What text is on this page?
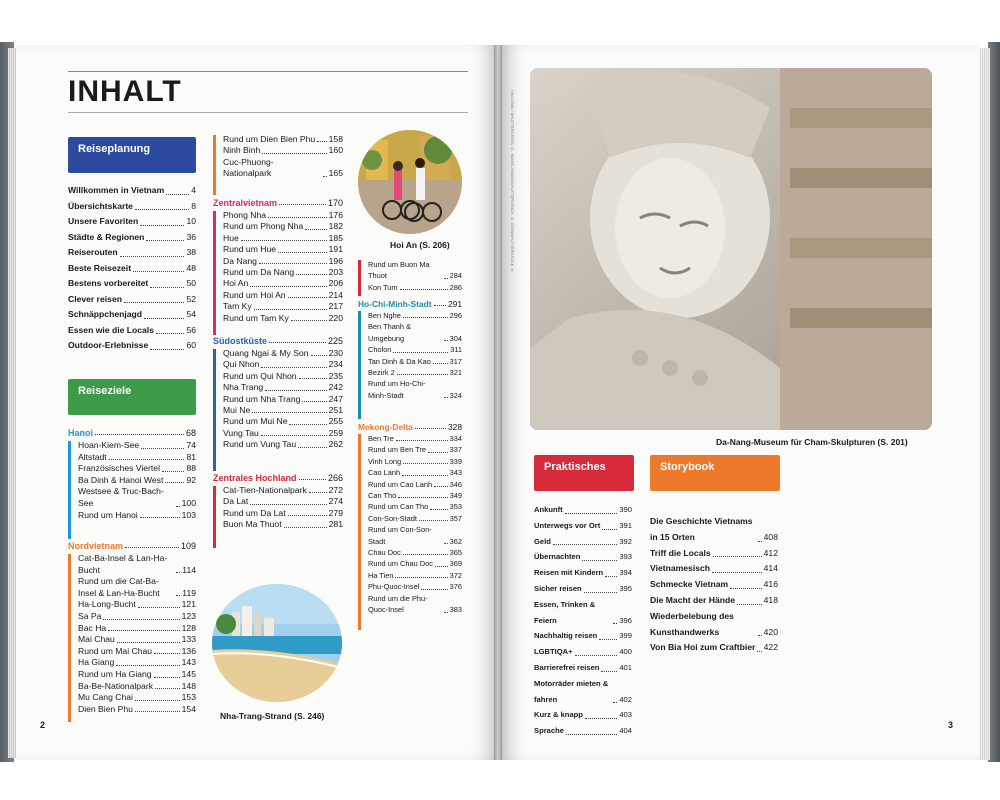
INHALT
Reiseplanung
Willkommen in Vietnam	4
Übersichtskarte	8
Unsere Favoriten	10
Städte & Regionen	36
Reiserouten	38
Beste Reisezeit	48
Bestens vorbereitet	50
Clever reisen	52
Schnäppchenjagd	54
Essen wie die Locals	56
Outdoor-Erlebnisse	60
Reiseziele
Hanoi	68
Hoan-Kiem-See	74
Altstadt	81
Französisches Viertel	88
Ba Dinh & Hanoi West	92
Westsee & Truc-Bach-See	100
Rund um Hanoi	103
Nordvietnam	109
Cat-Ba-Insel & Lan-Ha-Bucht	114
Rund um die Cat-Ba-Insel & Lan-Ha-Bucht	119
Ha-Long-Bucht	121
Sa Pa	123
Bac Ha	128
Mai Chau	133
Rund um Mai Chau	136
Ha Giang	143
Rund um Ha Giang	145
Ba-Be-Nationalpark	148
Mu Cang Chai	153
Dien Bien Phu	154
Rund um Dien Bien Phu 158
Ninh Binh	160
Cuc-Phuong-Nationalpark	165
Zentralvietnam	170
Phong Nha	176
Rund um Phong Nha	182
Hue	185
Rund um Hue	191
Da Nang	196
Rund um Da Nang	203
Hoi An	206
Rund um Hoi An	214
Tam Ky	217
Rund um Tam Ky	220
Südostküste	225
Quang Ngai & My Son 230
Qui Nhon	234
Rund um Qui Nhon	235
Nha Trang	242
Rund um Nha Trang	247
Mui Ne	251
Rund um Mui Ne	255
Vung Tau	259
Rund um Vung Tau	262
Zentrales Hochland	266
Cat-Tien-Nationalpark	272
Da Lat	274
Rund um Da Lat	279
Buon Ma Thuot	281
Hoi An (S. 206)
Rund um Buon Ma Thuot	284
Kon Tum	286
Ho-Chi-Minh-Stadt 291
Ben Nghe	296
Ben Thanh & Umgebung	304
Cholon	311
Tan Dinh & Da Kao	317
Bezirk 2	321
Rund um Ho-Chi-Minh-Stadt	324
Mekong-Delta	328
Ben Tre	334
Rund um Ben Tre	337
Vinh Long	339
Cao Lanh	343
Rund um Cao Lanh 346
Can Tho	349
Rund um Can Tho	353
Con-Son-Stadt	357
Rund um Con-Son-Stadt	362
Chau Doc	365
Rund um Chau Doc 369
Ha Tien	372
Phu-Quoc-Insel	376
Rund um die Phu-Quoc-Insel	383
Nha-Trang-Strand (S. 246)
2
VIN LONG / SHUTTERSTOCK ©, HANOI ZHANG/SHUTTERSTOCK ©, DOM/SHUTTERSTOCK ©
Da-Nang-Museum für Cham-Skulpturen (S. 201)
Praktisches
Ankunft	390
Unterwegs vor Ort	391
Geld	392
Übernachten	393
Reisen mit Kindern 394
Sicher reisen	395
Essen, Trinken & Feiern	396
Nachhaltig reisen	399
LGBTIQA+	400
Barrierefrei reisen	401
Motorräder mieten & fahren	402
Kurz & knapp	403
Sprache	404
Storybook
Die Geschichte Vietnams in 15 Orten	408
Triff die Locals	412
Vietnamesisch	414
Schmecke Vietnam	416
Die Macht der Hände	418
Wiederbelebung des Kunsthandwerks	420
Von Bia Hoi zum Craftbier 422
3
